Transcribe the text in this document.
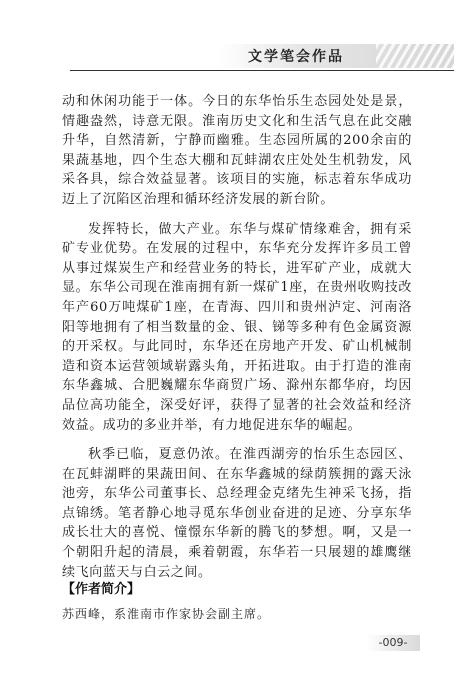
文学笔会作品

动和休闲功能于一体。今日的东华怡乐生态园处处是景，情趣盎然，诗意无限。淮南历史文化和生活气息在此交融升华，自然清新，宁静而幽雅。生态园所属的200余亩的果蔬基地，四个生态大棚和瓦蚌湖农庄处处生机勃发，风采各具，综合效益显著。该项目的实施，标志着东华成功迈上了沉陷区治理和循环经济发展的新台阶。

发挥特长，做大产业。东华与煤矿情缘难舍，拥有采矿专业优势。在发展的过程中，东华充分发挥许多员工曾从事过煤炭生产和经营业务的特长，进军矿产业，成就大显。东华公司现在淮南拥有新一煤矿1座，在贵州收购技改年产60万吨煤矿1座，在青海、四川和贵州泸定、河南洛阳等地拥有了相当数量的金、银、锑等多种有色金属资源的开采权。与此同时，东华还在房地产开发、矿山机械制造和资本运营领域崭露头角，开拓进取。由于打造的淮南东华鑫城、合肥巍耀东华商贸广场、滁州东都华府，均因品位高功能全，深受好评，获得了显著的社会效益和经济效益。成功的多业并举，有力地促进东华的崛起。

秋季已临，夏意仍浓。在淮西湖旁的怡乐生态园区、在瓦蚌湖畔的果蔬田间、在东华鑫城的绿荫簇拥的露天泳池旁，东华公司董事长、总经理金克绪先生神采飞扬，指点锦绣。笔者静心地寻觅东华创业奋进的足迹、分享东华成长壮大的喜悦、憧憬东华新的腾飞的梦想。啊，又是一个朝阳升起的清晨，乘着朝霞，东华若一只展翅的雄鹰继续飞向蓝天与白云之间。

【作者简介】
苏西峰，系淮南市作家协会副主席。
-009-
